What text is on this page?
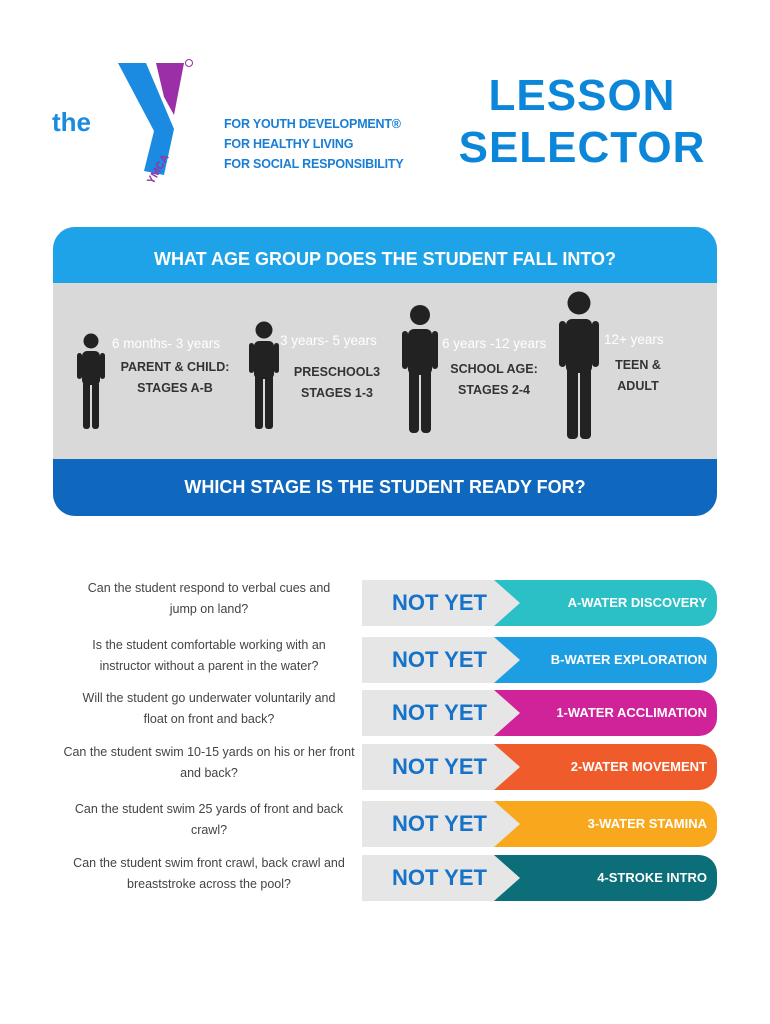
the
YMCA
FOR YOUTH DEVELOPMENT®
FOR HEALTHY LIVING
FOR SOCIAL RESPONSIBILITY
LESSON
SELECTOR
WHAT AGE GROUP DOES THE STUDENT FALL INTO?
6 months- 3 years
PARENT & CHILD:
STAGES A-B
3 years- 5 years
PRESCHOOL3
STAGES 1-3
6 years -12 years
SCHOOL AGE:
STAGES 2-4
12+ years
TEEN &
ADULT
WHICH STAGE IS THE STUDENT READY FOR?
Can the student respond to verbal cues and
jump on land?	NOT YET	A-WATER DISCOVERY
Is the student comfortable working with an
instructor without a parent in the water?	NOT YET	B-WATER EXPLORATION
Will the student go underwater voluntarily and
float on front and back?	NOT YET	1-WATER ACCLIMATION
Can the student swim 10-15 yards on his or her front
and back?	NOT YET	2-WATER MOVEMENT
Can the student swim 25 yards of front and back
crawl?	NOT YET	3-WATER STAMINA
Can the student swim front crawl, back crawl and
breaststroke across the pool?	NOT YET	4-STROKE INTRO
